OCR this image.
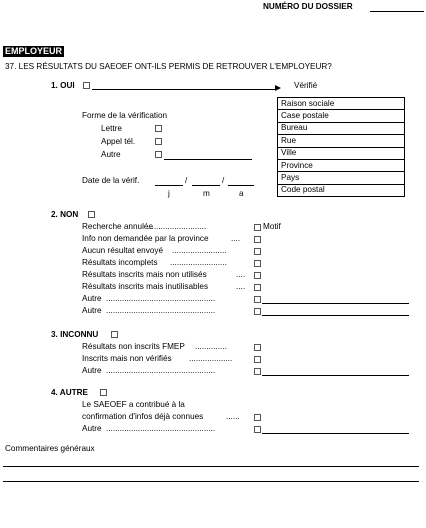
NUMÉRO DU DOSSIER
EMPLOYEUR
37. LES RÉSULTATS DU SAEOEF ONT-ILS PERMIS DE RETROUVER L'EMPLOYEUR?
1. OUI	Vérifié
Raison sociale
Case postale
Bureau
Rue
Ville
Province
Pays
Code postal
Forme de la vérification
Lettre
Appel tél.
Autre
Date de la vérif.	/	/
j	m	a
2. NON
Recherche annulée
..........................	Motif
Info non demandée par la province	....
Aucun résultat envoyé ........................
Résultats incomplets .........................
Résultats inscrits mais non utilisés	....
Résultats inscrits mais inutilisables	....
Autre ................................................
Autre ................................................
3. INCONNU
Résultats non inscrits FMEP ..............
Inscrits mais non vérifiés ...................
Autre ................................................
4. AUTRE
Le SAEOEF a contribué à la
confirmation d'infos déjà connues	......
Autre ................................................
Commentaires généraux
